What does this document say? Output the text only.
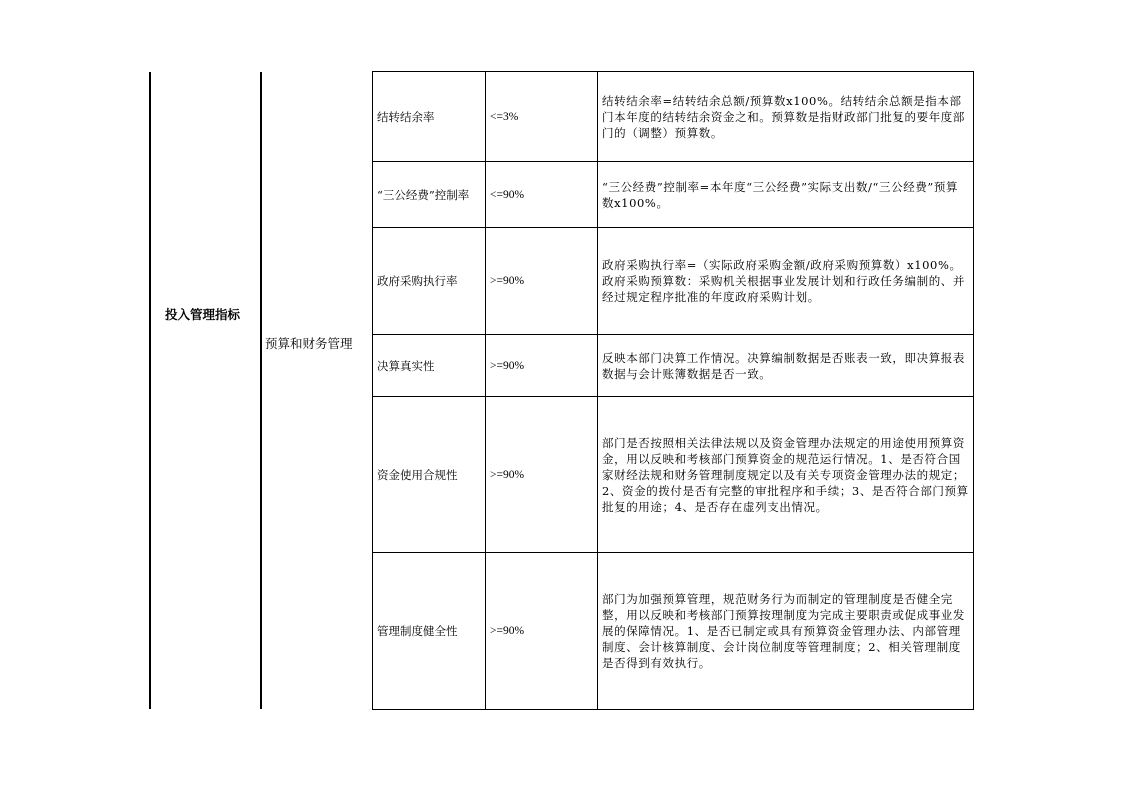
投入管理指标
预算和财务管理
结转结余率	<=3%	结转结余率=结转结余总额/预算数x100%。结转结余总额是指本部门本年度的结转结余资金之和。预算数是指财政部门批复的要年度部门的（调整）预算数。
“三公经费”控制率	<=90%	“三公经费”控制率=本年度“三公经费”实际支出数/“三公经费”预算数x100%。
政府采购执行率	>=90%	政府采购执行率=（实际政府采购金额/政府采购预算数）x100%。政府采购预算数：采购机关根据事业发展计划和行政任务编制的、并经过规定程序批准的年度政府采购计划。
决算真实性	>=90%	反映本部门决算工作情况。决算编制数据是否账表一致，即决算报表数据与会计账簿数据是否一致。
资金使用合规性	>=90%	部门是否按照相关法律法规以及资金管理办法规定的用途使用预算资金，用以反映和考核部门预算资金的规范运行情况。1、是否符合国家财经法规和财务管理制度规定以及有关专项资金管理办法的规定；2、资金的拨付是否有完整的审批程序和手续；3、是否符合部门预算批复的用途；4、是否存在虚列支出情况。
管理制度健全性	>=90%	部门为加强预算管理，规范财务行为而制定的管理制度是否健全完整，用以反映和考核部门预算按理制度为完成主要职责或促成事业发展的保障情况。1、是否已制定或具有预算资金管理办法、内部管理制度、会计核算制度、会计岗位制度等管理制度；2、相关管理制度是否得到有效执行。
